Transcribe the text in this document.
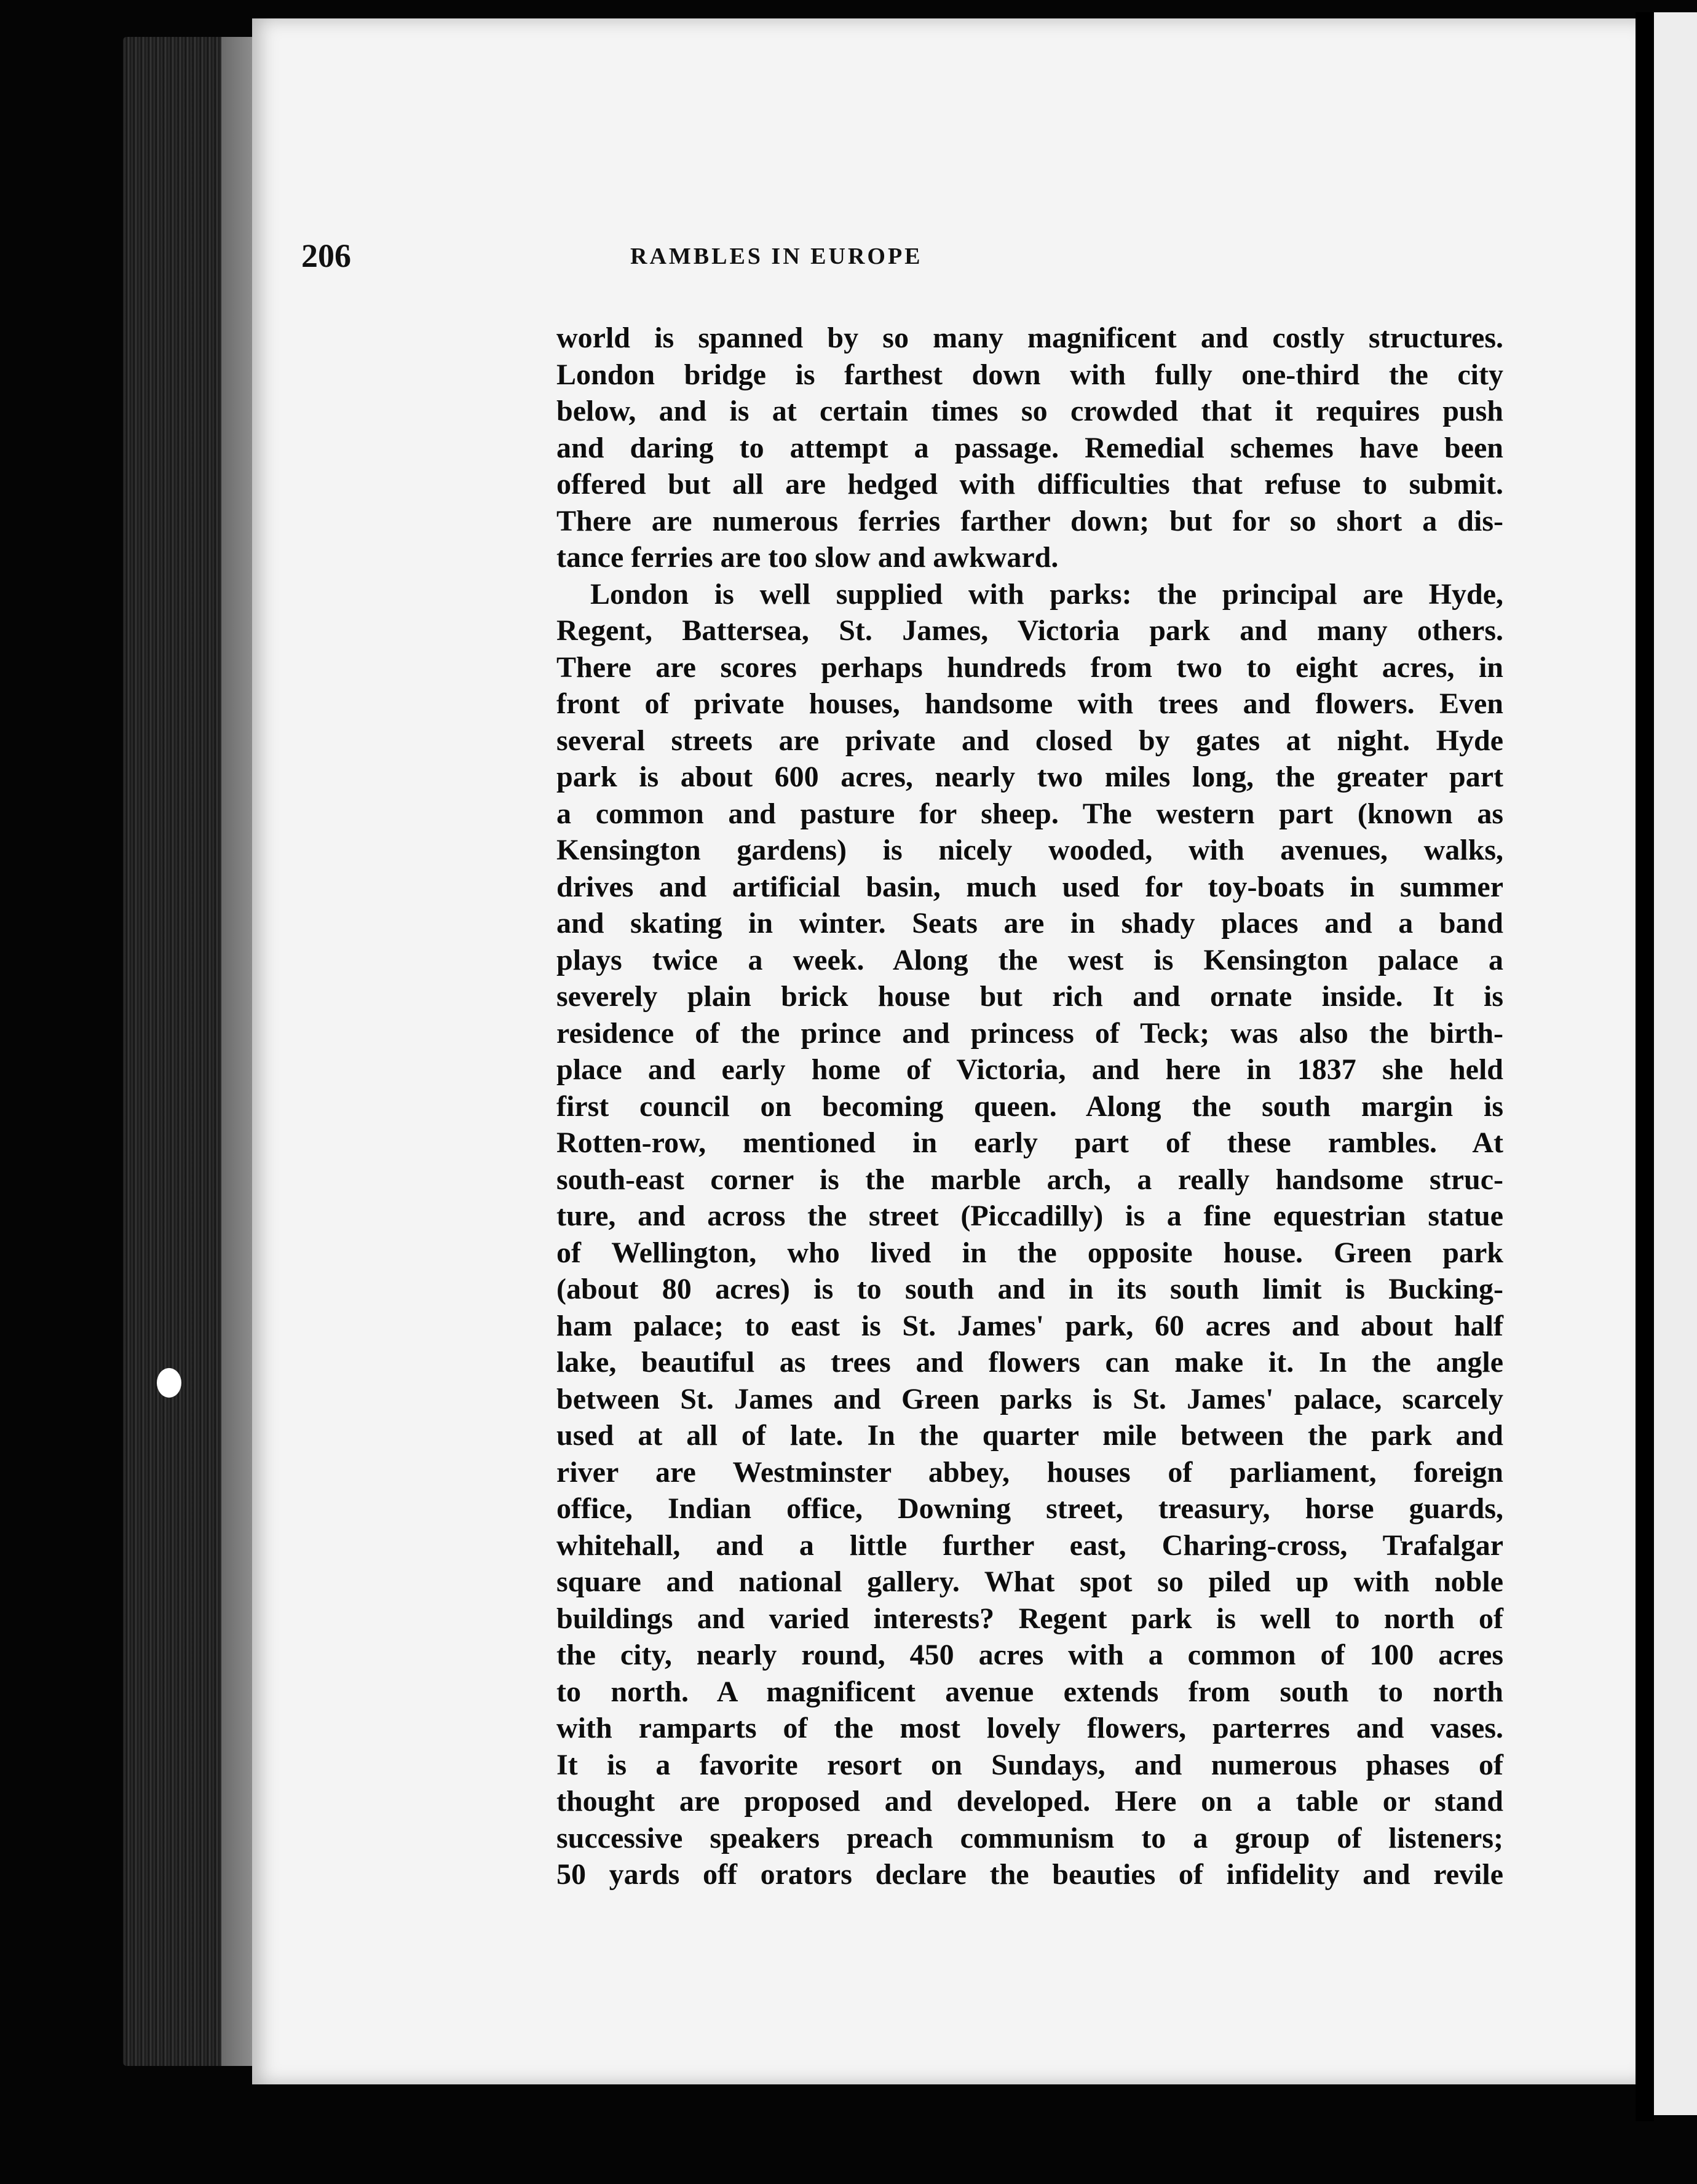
206	RAMBLES IN EUROPE
world is spanned by so many magnificent and costly structures.
London bridge is farthest down with fully one-third the city
below, and is at certain times so crowded that it requires push
and daring to attempt a passage. Remedial schemes have been
offered but all are hedged with difficulties that refuse to submit.
There are numerous ferries farther down; but for so short a dis-
tance ferries are too slow and awkward.
London is well supplied with parks: the principal are Hyde,
Regent, Battersea, St. James, Victoria park and many others.
There are scores perhaps hundreds from two to eight acres, in
front of private houses, handsome with trees and flowers. Even
several streets are private and closed by gates at night. Hyde
park is about 600 acres, nearly two miles long, the greater part
a common and pasture for sheep. The western part (known as
Kensington gardens) is nicely wooded, with avenues, walks,
drives and artificial basin, much used for toy-boats in summer
and skating in winter. Seats are in shady places and a band
plays twice a week. Along the west is Kensington palace a
severely plain brick house but rich and ornate inside. It is
residence of the prince and princess of Teck; was also the birth-
place and early home of Victoria, and here in 1837 she held
first council on becoming queen. Along the south margin is
Rotten-row, mentioned in early part of these rambles. At
south-east corner is the marble arch, a really handsome struc-
ture, and across the street (Piccadilly) is a fine equestrian statue
of Wellington, who lived in the opposite house. Green park
(about 80 acres) is to south and in its south limit is Bucking-
ham palace; to east is St. James' park, 60 acres and about half
lake, beautiful as trees and flowers can make it. In the angle
between St. James and Green parks is St. James' palace, scarcely
used at all of late. In the quarter mile between the park and
river are Westminster abbey, houses of parliament, foreign
office, Indian office, Downing street, treasury, horse guards,
whitehall, and a little further east, Charing-cross, Trafalgar
square and national gallery. What spot so piled up with noble
buildings and varied interests? Regent park is well to north of
the city, nearly round, 450 acres with a common of 100 acres
to north. A magnificent avenue extends from south to north
with ramparts of the most lovely flowers, parterres and vases.
It is a favorite resort on Sundays, and numerous phases of
thought are proposed and developed. Here on a table or stand
successive speakers preach communism to a group of listeners;
50 yards off orators declare the beauties of infidelity and revile
